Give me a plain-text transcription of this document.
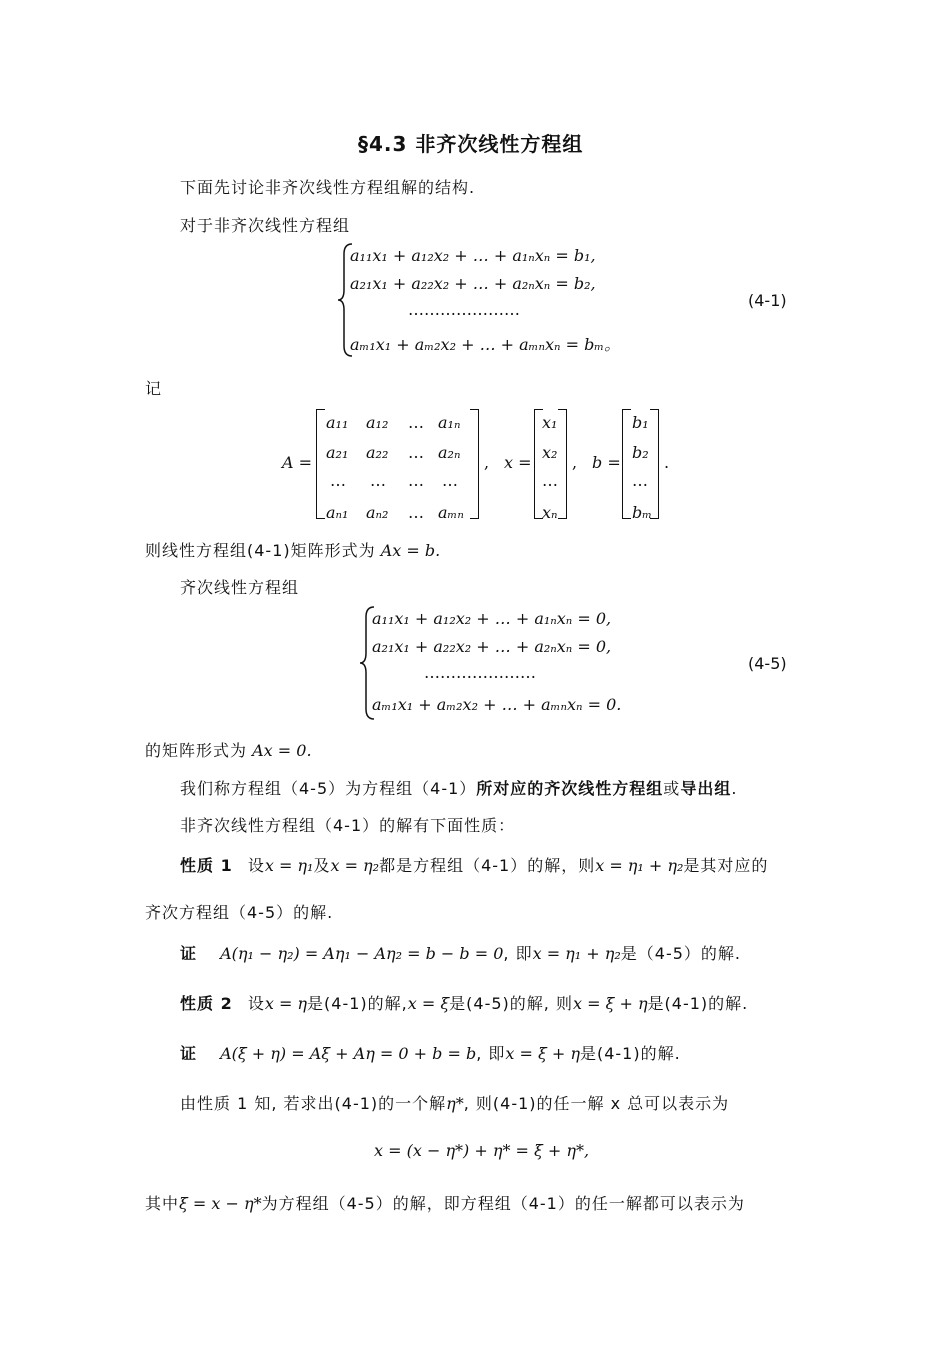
§4.3 非齐次线性方程组
下面先讨论非齐次线性方程组解的结构.
对于非齐次线性方程组
a₁₁x₁ + a₁₂x₂ + … + a₁ₙxₙ = b₁,
a₂₁x₁ + a₂₂x₂ + … + a₂ₙxₙ = b₂,
…………………
aₘ₁x₁ + aₘ₂x₂ + … + aₘₙxₙ = bₘ。
(4-1)
记
A =
a₁₁ a₁₂ … a₁ₙ
a₂₁ a₂₂ … a₂ₙ
… … … …
aₙ₁ aₙ₂ … aₘₙ
, x =
x₁
x₂
…
xₙ
, b =
b₁
b₂
…
bₘ
.
则线性方程组(4-1)矩阵形式为 Ax = b.
齐次线性方程组
a₁₁x₁ + a₁₂x₂ + … + a₁ₙxₙ = 0,
a₂₁x₁ + a₂₂x₂ + … + a₂ₙxₙ = 0,
…………………
aₘ₁x₁ + aₘ₂x₂ + … + aₘₙxₙ = 0.
(4-5)
的矩阵形式为 Ax = 0.
我们称方程组（4-5）为方程组（4-1）所对应的齐次线性方程组或导出组.
非齐次线性方程组（4-1）的解有下面性质：
性质 1 设x = η₁及x = η₂都是方程组（4-1）的解，则x = η₁ + η₂是其对应的
齐次方程组（4-5）的解.
证 A(η₁ − η₂) = Aη₁ − Aη₂ = b − b = 0, 即x = η₁ + η₂是（4-5）的解.
性质 2 设x = η是(4-1)的解,x = ξ是(4-5)的解, 则x = ξ + η是(4-1)的解.
证 A(ξ + η) = Aξ + Aη = 0 + b = b, 即x = ξ + η是(4-1)的解.
由性质 1 知, 若求出(4-1)的一个解η*, 则(4-1)的任一解 x 总可以表示为
x = (x − η*) + η* = ξ + η*,
其中ξ = x − η*为方程组（4-5）的解，即方程组（4-1）的任一解都可以表示为
